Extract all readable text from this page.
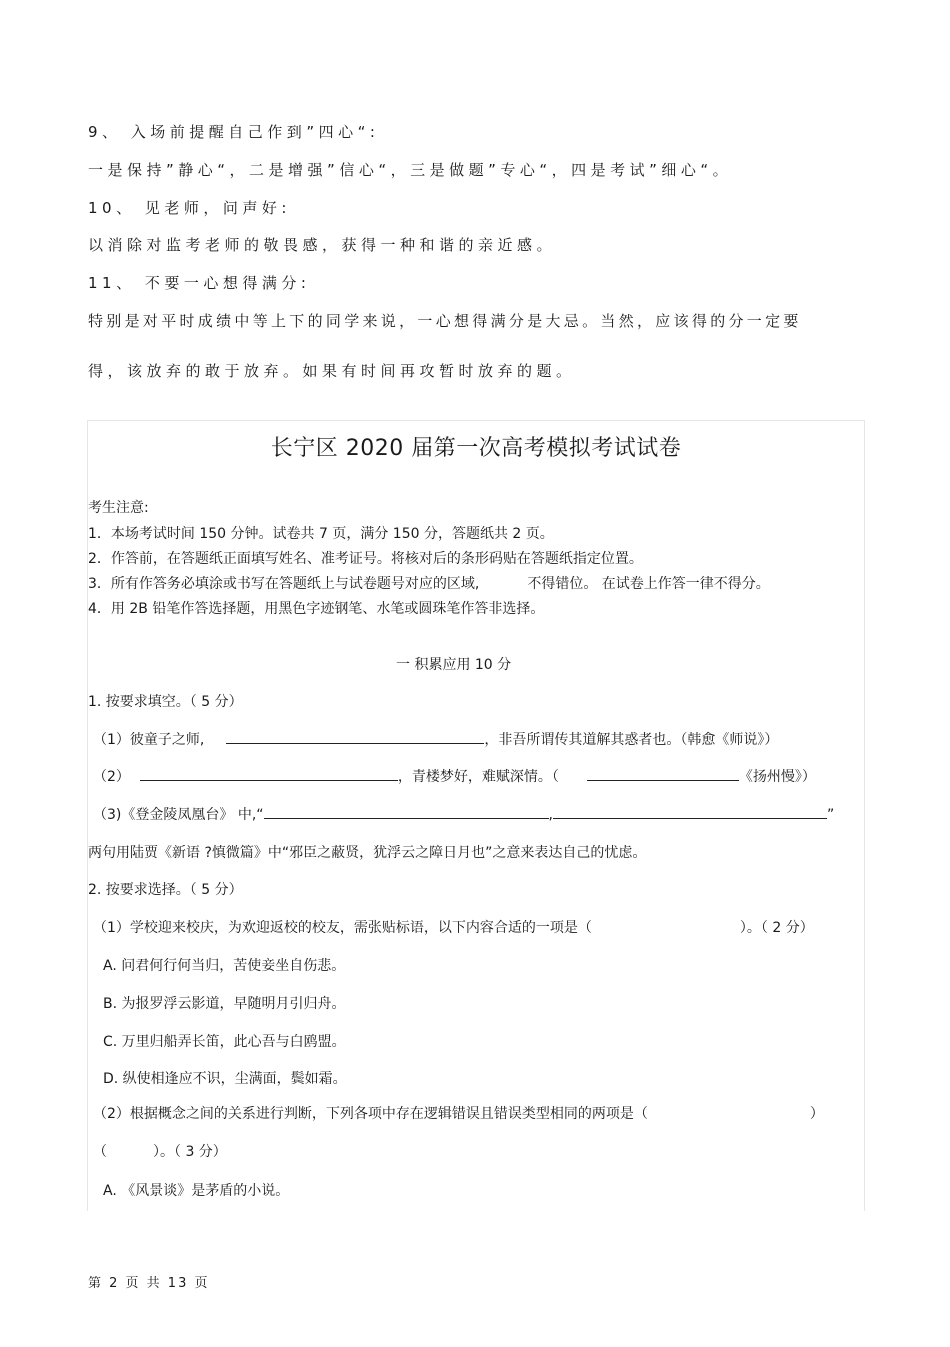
9、 入场前提醒自己作到”四心“:
一是保持”静心“，二是增强”信心“，三是做题”专心“，四是考试”细心“。
10、 见老师，问声好:
以消除对监考老师的敬畏感，获得一种和谐的亲近感。
11、 不要一心想得满分:
特别是对平时成绩中等上下的同学来说，一心想得满分是大忌。当然，应该得的分一定要
得，该放弃的敢于放弃。如果有时间再攻暂时放弃的题。
长宁区 2020 届第一次高考模拟考试试卷
考生注意:
1．本场考试时间 150 分钟。试卷共 7 页，满分 150 分，答题纸共 2 页。
2．作答前，在答题纸正面填写姓名、准考证号。将核对后的条形码贴在答题纸指定位置。
3．所有作答务必填涂或书写在答题纸上与试卷题号对应的区域,	不得错位。 在试卷上作答一律不得分。
4．用 2B 铅笔作答选择题，用黑色字迹钢笔、水笔或圆珠笔作答非选择。
一 积累应用 10 分
1. 按要求填空。（ 5 分）
（1）彼童子之师,	，非吾所谓传其道解其惑者也。（韩愈《师说》）
（2）	，青楼梦好，难赋深情。（	《扬州慢》）
（3)《登金陵凤凰台》 中,“	,	”
两句用陆贾《新语 ?慎微篇》中“邪臣之蔽贤，犹浮云之障日月也”之意来表达自己的忧虑。
2. 按要求选择。（ 5 分）
（1）学校迎来校庆，为欢迎返校的校友，需张贴标语，以下内容合适的一项是（	）。（ 2 分）
A. 问君何行何当归，苦使妾坐自伤悲。
B. 为报罗浮云影道，早随明月引归舟。
C. 万里归船弄长笛，此心吾与白鸥盟。
D. 纵使相逢应不识，尘满面，鬓如霜。
（2）根据概念之间的关系进行判断，下列各项中存在逻辑错误且错误类型相同的两项是（	）
（	）。（ 3 分）
A. 《风景谈》是茅盾的小说。
第 2 页 共 13 页
